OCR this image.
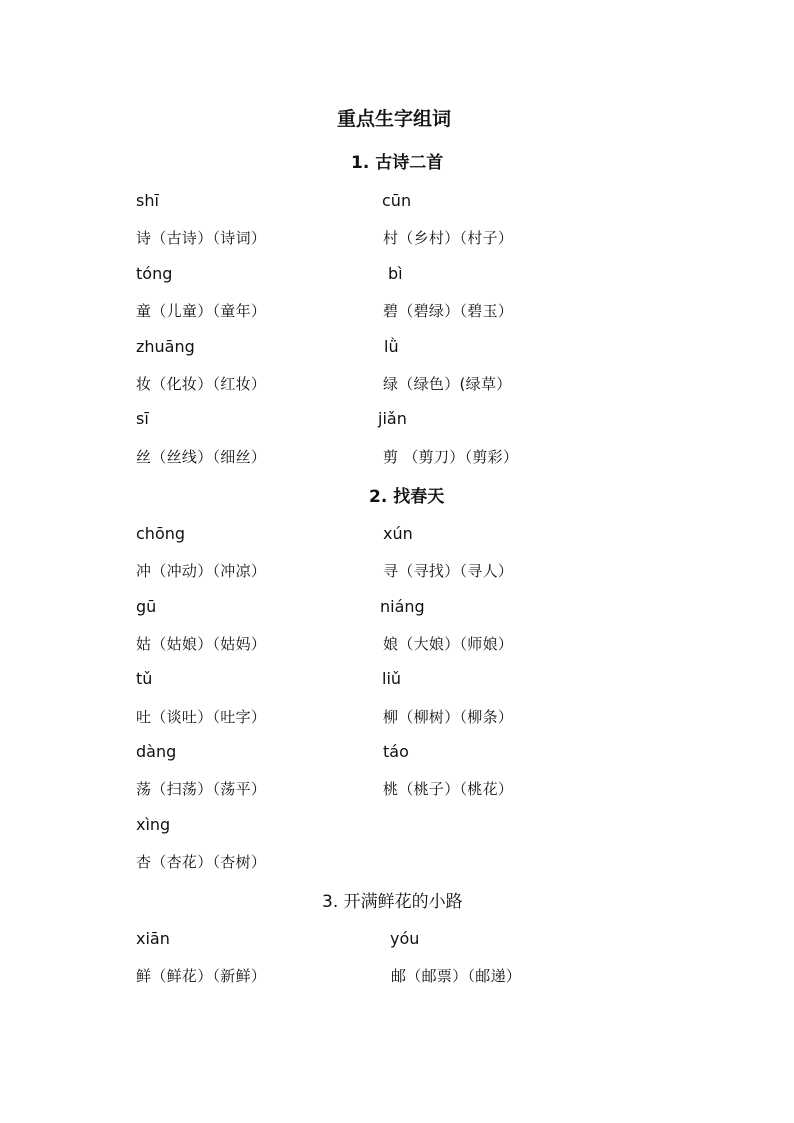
重点生字组词
1. 古诗二首
shī	cūn
诗（古诗）（诗词）	村（乡村）（村子）
tóng	bì
童（儿童）（童年）	碧（碧绿）（碧玉）
zhuāng	lǜ
妆（化妆）（红妆）	绿（绿色）(绿草）
sī	jiǎn
丝（丝线）（细丝）	剪 （剪刀）（剪彩）
2. 找春天
chōng	xún
冲（冲动）（冲凉）	寻（寻找）（寻人）
gū	niáng
姑（姑娘）（姑妈）	娘（大娘）（师娘）
tǔ	liǔ
吐（谈吐）（吐字）	柳（柳树）（柳条）
dàng	táo
荡（扫荡）（荡平）	桃（桃子）（桃花）
xìng
杏（杏花）（杏树）
3. 开满鲜花的小路
xiān	yóu
鲜（鲜花）（新鲜）	邮（邮票）（邮递）
